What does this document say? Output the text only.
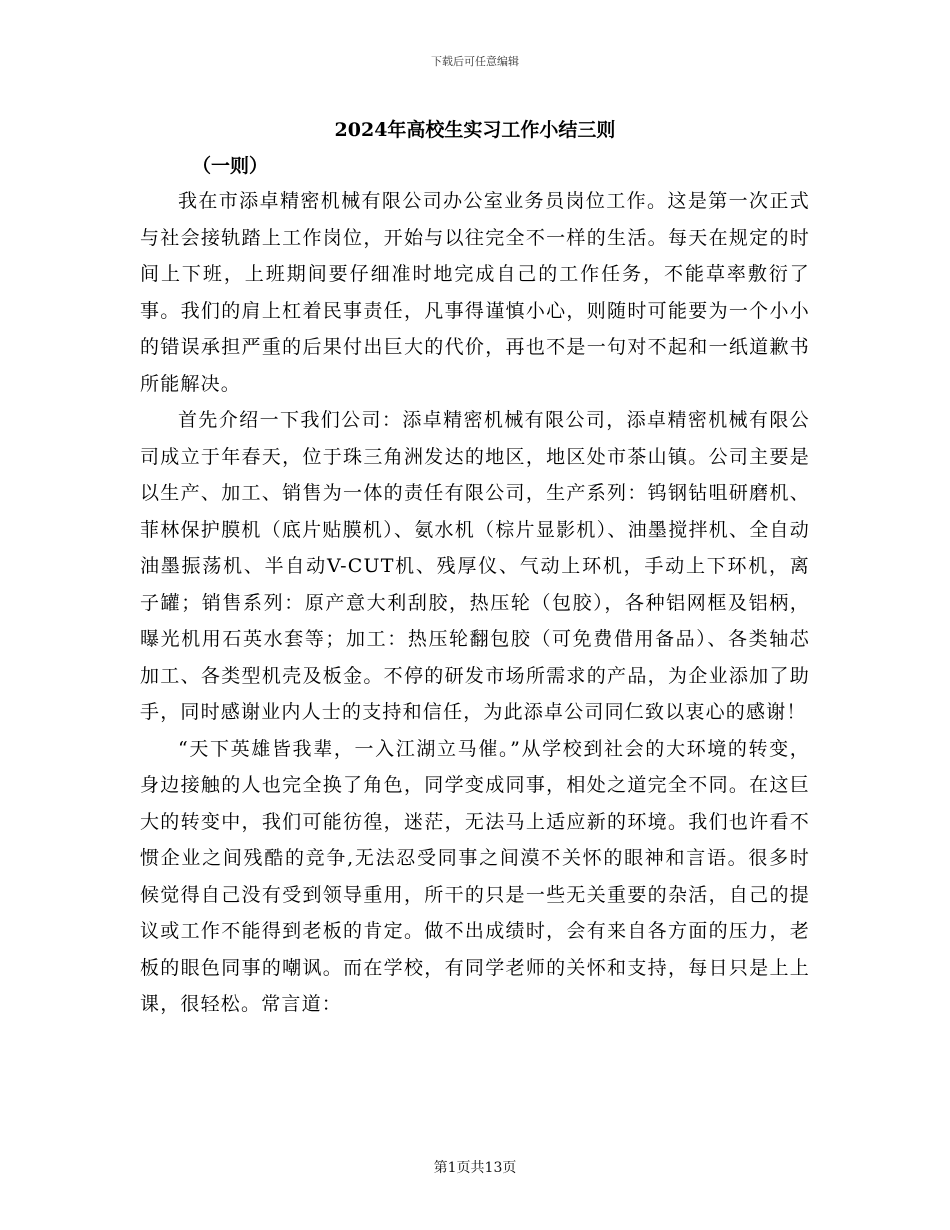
下载后可任意编辑
2024年高校生实习工作小结三则
（一则）

我在市添卓精密机械有限公司办公室业务员岗位工作。这是第一次正式与社会接轨踏上工作岗位，开始与以往完全不一样的生活。每天在规定的时间上下班，上班期间要仔细准时地完成自己的工作任务，不能草率敷衍了事。我们的肩上杠着民事责任，凡事得谨慎小心，则随时可能要为一个小小的错误承担严重的后果付出巨大的代价，再也不是一句对不起和一纸道歉书所能解决。

首先介绍一下我们公司：添卓精密机械有限公司，添卓精密机械有限公司成立于年春天，位于珠三角洲发达的地区，地区处市茶山镇。公司主要是以生产、加工、销售为一体的责任有限公司，生产系列：钨钢钻咀研磨机、菲林保护膜机（底片贴膜机）、氨水机（棕片显影机）、油墨搅拌机、全自动油墨振荡机、半自动V-CUT机、残厚仪、气动上环机，手动上下环机，离子罐；销售系列：原产意大利刮胶，热压轮（包胶），各种铝网框及铝柄，曝光机用石英水套等；加工：热压轮翻包胶（可免费借用备品）、各类轴芯加工、各类型机壳及板金。不停的研发市场所需求的产品，为企业添加了助手，同时感谢业内人士的支持和信任，为此添卓公司同仁致以衷心的感谢！

“天下英雄皆我辈，一入江湖立马催。”从学校到社会的大环境的转变，身边接触的人也完全换了角色，同学变成同事，相处之道完全不同。在这巨大的转变中，我们可能彷徨，迷茫，无法马上适应新的环境。我们也许看不惯企业之间残酷的竞争,无法忍受同事之间漠不关怀的眼神和言语。很多时候觉得自己没有受到领导重用，所干的只是一些无关重要的杂活，自己的提议或工作不能得到老板的肯定。做不出成绩时，会有来自各方面的压力，老板的眼色同事的嘲讽。而在学校，有同学老师的关怀和支持，每日只是上上课，很轻松。常言道：

第1页共13页
